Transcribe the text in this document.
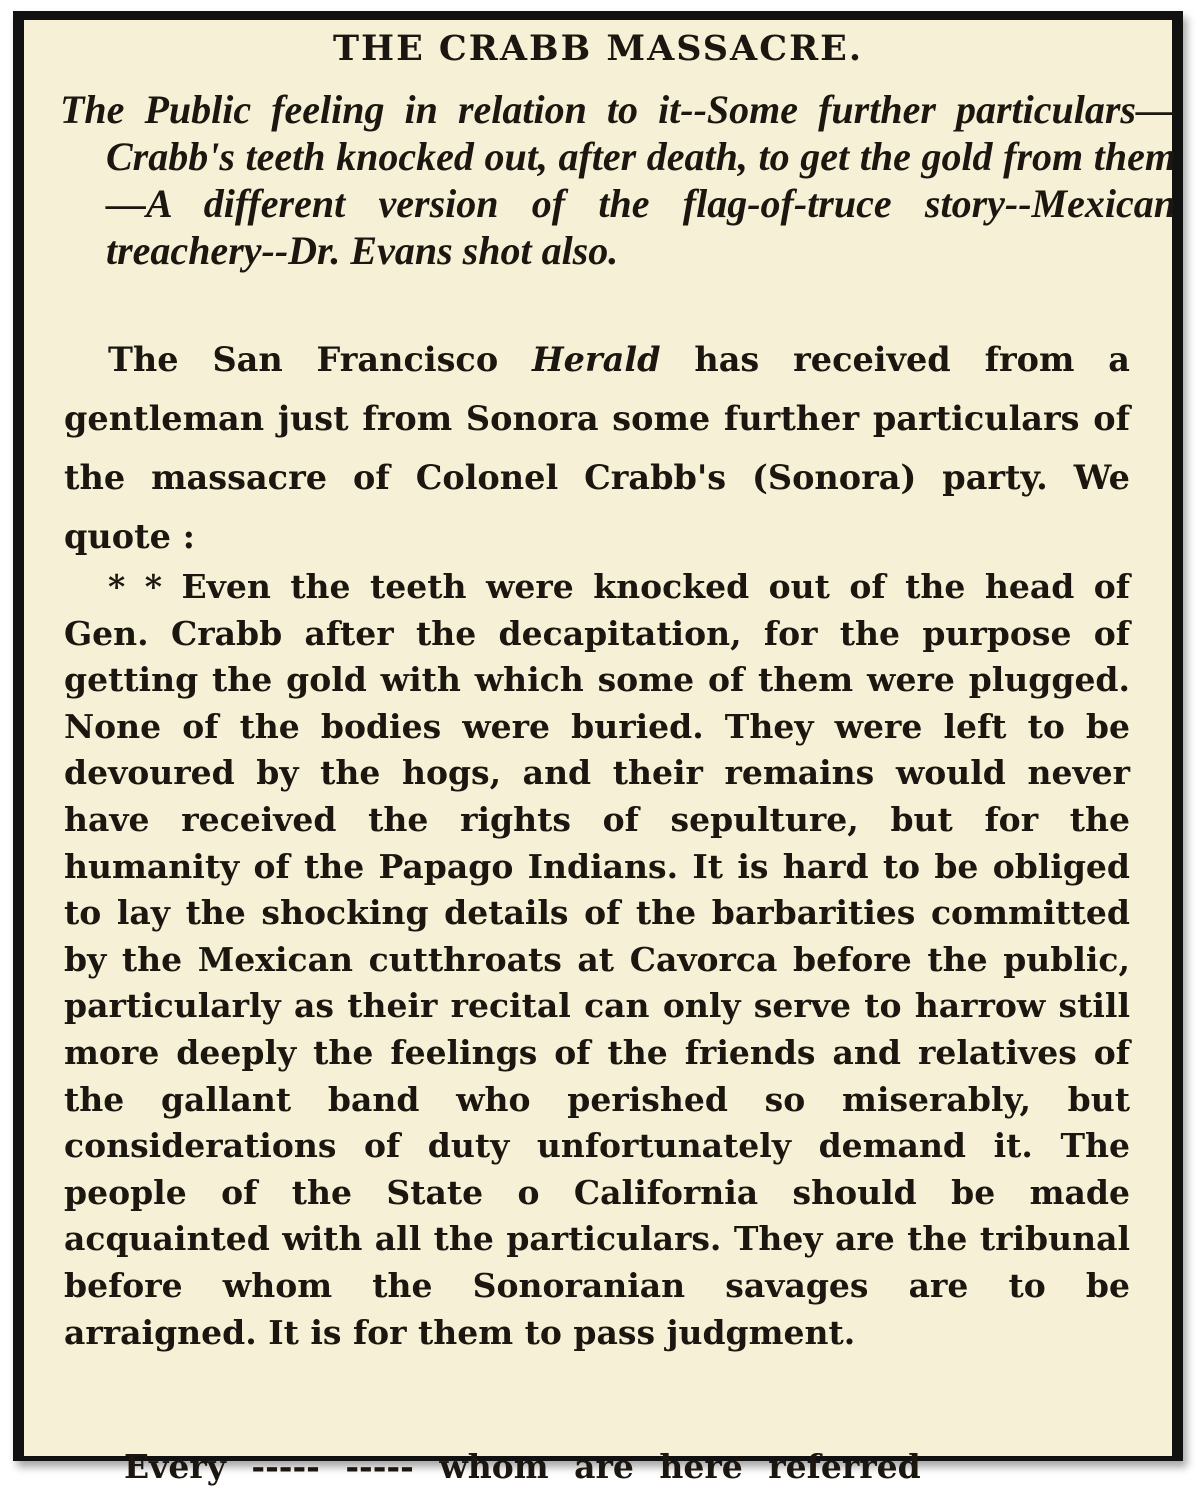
THE CRABB MASSACRE.

The Public feeling in relation to it--Some further particulars—Crabb's teeth knocked out, after death, to get the gold from them—A different version of the flag-of-truce story--Mexican treachery--Dr. Evans shot also.

The San Francisco Herald has received from a gentleman just from Sonora some further particulars of the massacre of Colonel Crabb's (Sonora) party. We quote :

* * Even the teeth were knocked out of the head of Gen. Crabb after the decapitation, for the purpose of getting the gold with which some of them were plugged. None of the bodies were buried. They were left to be devoured by the hogs, and their remains would never have received the rights of sepulture, but for the humanity of the Papago Indians. It is hard to be obliged to lay the shocking details of the barbarities committed by the Mexican cutthroats at Cavorca before the public, particularly as their recital can only serve to harrow still more deeply the feelings of the friends and relatives of the gallant band who perished so miserably, but considerations of duty unfortunately demand it. The people of the State o California should be made acquainted with all the particulars. They are the tribunal before whom the Sonoranian savages are to be arraigned. It is for them to pass judgment.

Every ----- ----- whom are here referred
